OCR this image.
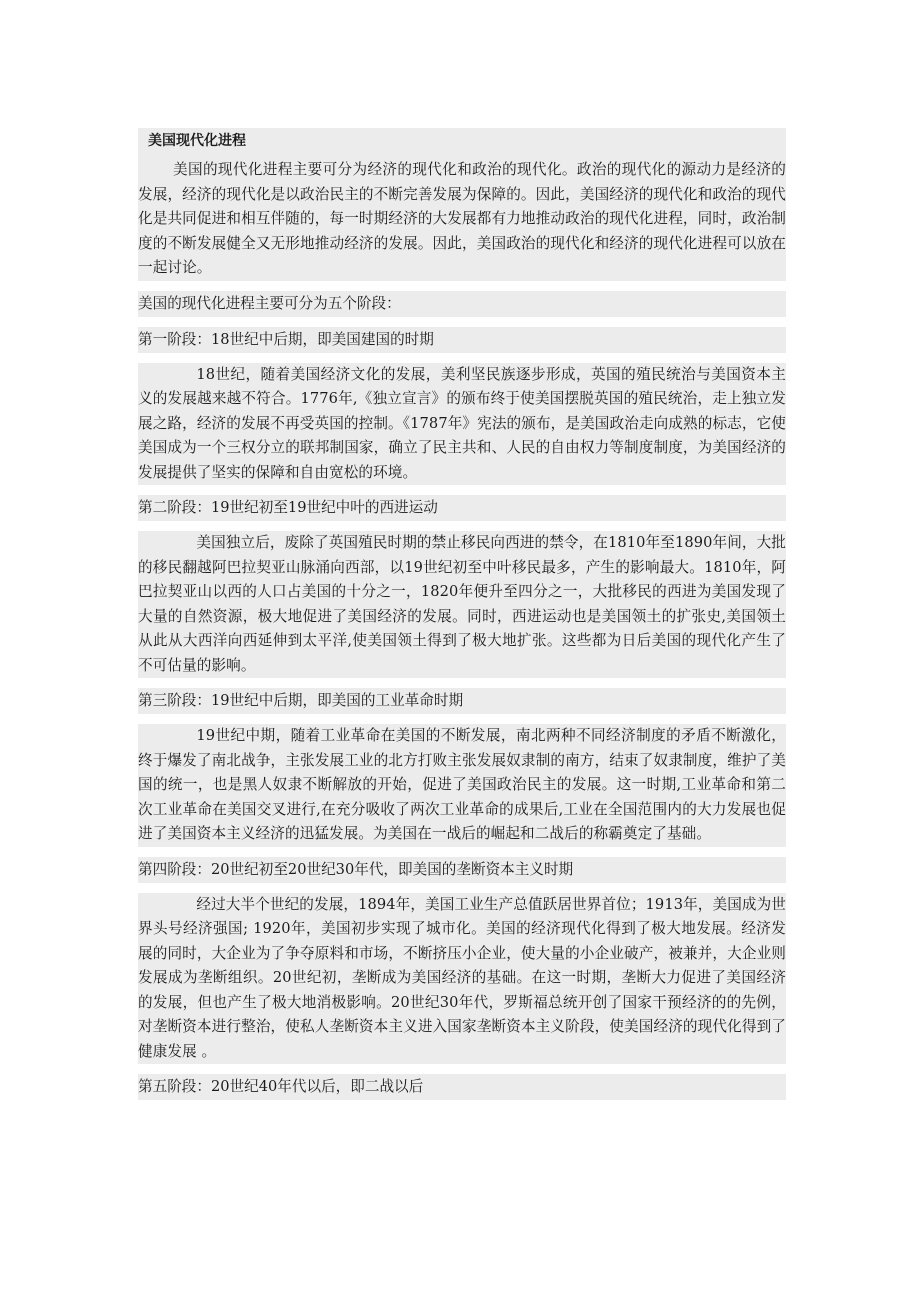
美国现代化进程

美国的现代化进程主要可分为经济的现代化和政治的现代化。政治的现代化的源动力是经济的发展，经济的现代化是以政治民主的不断完善发展为保障的。因此，美国经济的现代化和政治的现代化是共同促进和相互伴随的，每一时期经济的大发展都有力地推动政治的现代化进程，同时，政治制度的不断发展健全又无形地推动经济的发展。因此，美国政治的现代化和经济的现代化进程可以放在一起讨论。

美国的现代化进程主要可分为五个阶段：

第一阶段：18世纪中后期，即美国建国的时期

18世纪，随着美国经济文化的发展，美利坚民族逐步形成，英国的殖民统治与美国资本主义的发展越来越不符合。1776年,《独立宣言》的颁布终于使美国摆脱英国的殖民统治，走上独立发展之路，经济的发展不再受英国的控制。《1787年》宪法的颁布，是美国政治走向成熟的标志，它使美国成为一个三权分立的联邦制国家，确立了民主共和、人民的自由权力等制度制度，为美国经济的发展提供了坚实的保障和自由宽松的环境。

第二阶段：19世纪初至19世纪中叶的西进运动

美国独立后，废除了英国殖民时期的禁止移民向西进的禁令，在1810年至1890年间，大批的移民翻越阿巴拉契亚山脉涌向西部，以19世纪初至中叶移民最多，产生的影响最大。1810年，阿巴拉契亚山以西的人口占美国的十分之一，1820年便升至四分之一，大批移民的西进为美国发现了大量的自然资源，极大地促进了美国经济的发展。同时，西进运动也是美国领土的扩张史,美国领土从此从大西洋向西延伸到太平洋,使美国领土得到了极大地扩张。这些都为日后美国的现代化产生了不可估量的影响。

第三阶段：19世纪中后期，即美国的工业革命时期

19世纪中期，随着工业革命在美国的不断发展，南北两种不同经济制度的矛盾不断激化，终于爆发了南北战争，主张发展工业的北方打败主张发展奴隶制的南方，结束了奴隶制度，维护了美国的统一，也是黑人奴隶不断解放的开始，促进了美国政治民主的发展。这一时期,工业革命和第二次工业革命在美国交叉进行,在充分吸收了两次工业革命的成果后,工业在全国范围内的大力发展也促进了美国资本主义经济的迅猛发展。为美国在一战后的崛起和二战后的称霸奠定了基础。

第四阶段：20世纪初至20世纪30年代，即美国的垄断资本主义时期

经过大半个世纪的发展，1894年，美国工业生产总值跃居世界首位；1913年，美国成为世界头号经济强国; 1920年，美国初步实现了城市化。美国的经济现代化得到了极大地发展。经济发展的同时，大企业为了争夺原料和市场，不断挤压小企业，使大量的小企业破产，被兼并，大企业则发展成为垄断组织。20世纪初，垄断成为美国经济的基础。在这一时期，垄断大力促进了美国经济的发展，但也产生了极大地消极影响。20世纪30年代，罗斯福总统开创了国家干预经济的的先例，对垄断资本进行整治，使私人垄断资本主义进入国家垄断资本主义阶段，使美国经济的现代化得到了健康发展 。

第五阶段：20世纪40年代以后，即二战以后
